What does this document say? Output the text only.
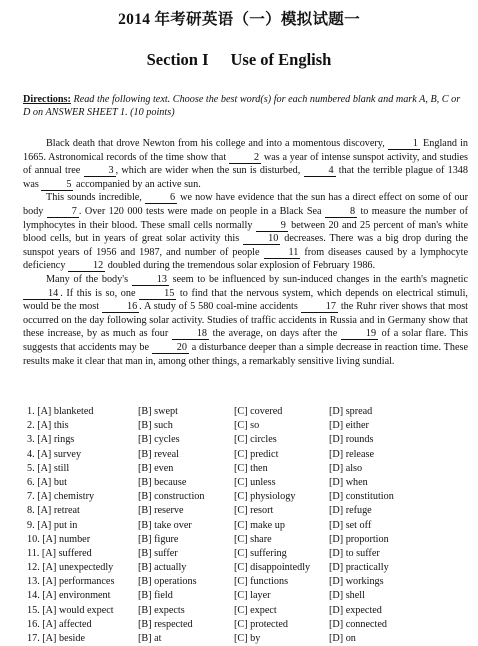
2014 年考研英语（一）模拟试题一
Section I Use of English
Directions: Read the following text. Choose the best word(s) for each numbered blank and mark A, B, C or D on ANSWER SHEET 1. (10 points)

Black death that drove Newton from his college and into a momentous discovery, 1 England in 1665. Astronomical records of the time show that 2 was a year of intense sunspot activity, and studies of annual tree 3 , which are wider when the sun is disturbed, 4 that the terrible plague of 1348 was 5 accompanied by an active sun.

This sounds incredible, 6 we now have evidence that the sun has a direct effect on some of our body 7 . Over 120 000 tests were made on people in a Black Sea 8 to measure the number of lymphocytes in their blood. These small cells normally 9 between 20 and 25 percent of man's white blood cells, but in years of great solar activity this 10 decreases. There was a big drop during the sunspot years of 1956 and 1987, and number of people 11 from diseases caused by a lymphocyte deficiency 12 doubled during the tremendous solar explosion of February 1986.

Many of the body's 13 seem to be influenced by sun-induced changes in the earth's magnetic 14 . If this is so, one 15 to find that the nervous system, which depends on electrical stimuli, would be the most 16 . A study of 5 580 coal-mine accidents 17 the Ruhr river shows that most occurred on the day following solar activity. Studies of traffic accidents in Russia and in Germany show that these increase, by as much as four 18 the average, on days after the 19 of a solar flare. This suggests that accidents may be 20 a disturbance deeper than a simple decrease in reaction time. These results make it clear that man in, among other things, a remarkably sensitive living sundial.

1. [A] blanketed	[B] swept	[C] covered	[D] spread
2. [A] this	[B] such	[C] so	[D] either
3. [A] rings	[B] cycles	[C] circles	[D] rounds
4. [A] survey	[B] reveal	[C] predict	[D] release
5. [A] still	[B] even	[C] then	[D] also
6. [A] but	[B] because	[C] unless	[D] when
7. [A] chemistry	[B] construction	[C] physiology	[D] constitution
8. [A] retreat	[B] reserve	[C] resort	[D] refuge
9. [A] put in	[B] take over	[C] make up	[D] set off
10. [A] number	[B] figure	[C] share	[D] proportion
11. [A] suffered	[B] suffer	[C] suffering	[D] to suffer
12. [A] unexpectedly	[B] actually	[C] disappointedly	[D] practically
13. [A] performances	[B] operations	[C] functions	[D] workings
14. [A] environment	[B] field	[C] layer	[D] shell
15. [A] would expect	[B] expects	[C] expect	[D] expected
16. [A] affected	[B] respected	[C] protected	[D] connected
17. [A] beside	[B] at	[C] by	[D] on
